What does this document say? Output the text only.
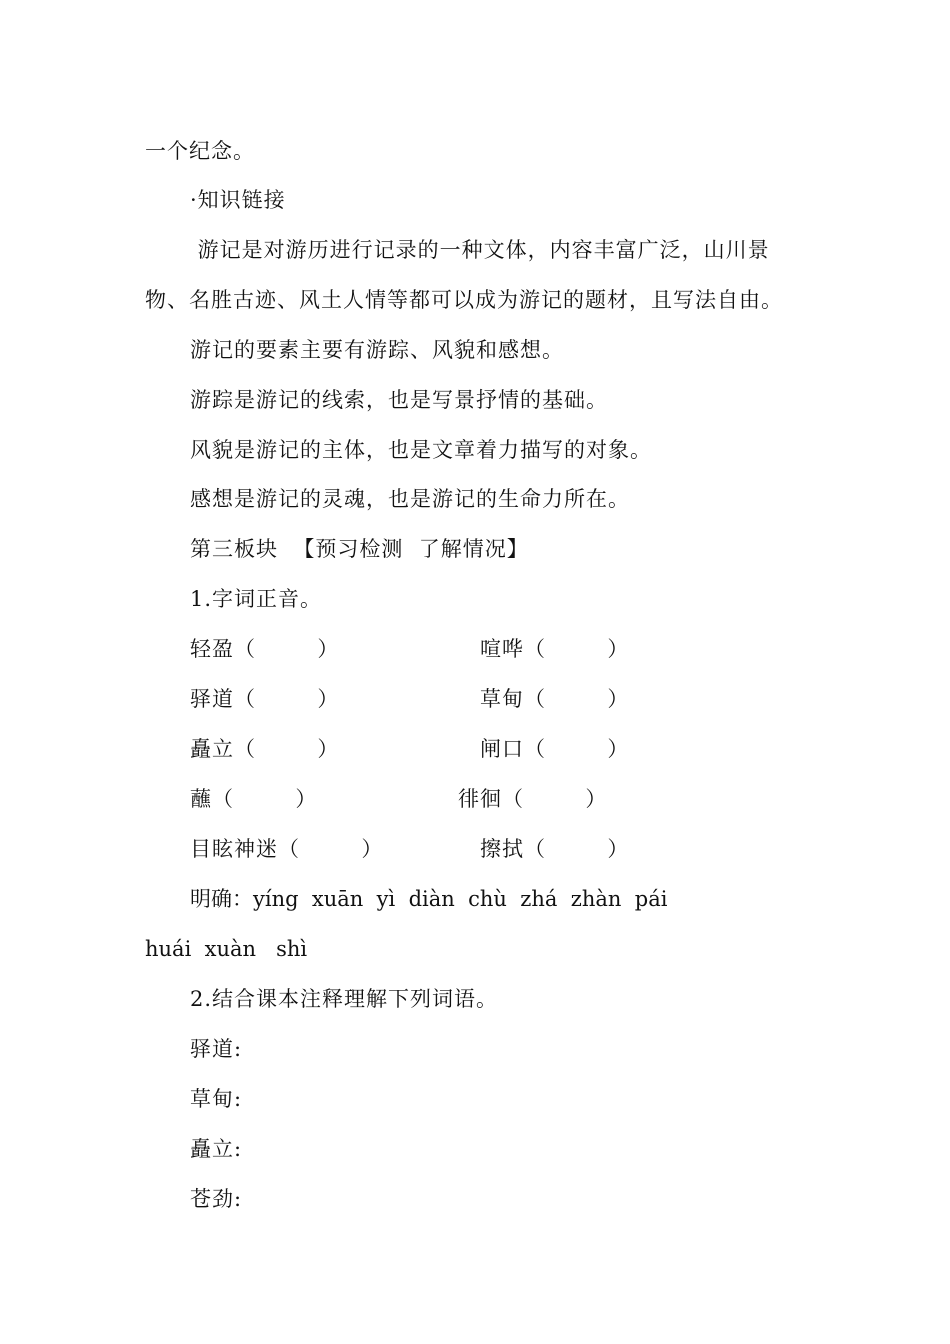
一个纪念。
·知识链接
游记是对游历进行记录的一种文体，内容丰富广泛，山川景
物、名胜古迹、风土人情等都可以成为游记的题材，且写法自由。
游记的要素主要有游踪、风貌和感想。
游踪是游记的线索，也是写景抒情的基础。
风貌是游记的主体，也是文章着力描写的对象。
感想是游记的灵魂，也是游记的生命力所在。
第三板块  【预习检测  了解情况】
1.字词正音。
轻盈（        ）	喧哗（        ）
驿道（        ）	草甸（        ）
矗立（        ）	闸口（        ）
蘸（        ）	徘徊（        ）
目眩神迷（        ）	擦拭（        ）
明确：yíng  xuān  yì  diàn  chù  zhá  zhàn  pái
huái  xuàn   shì
2.结合课本注释理解下列词语。
驿道:
草甸:
矗立:
苍劲:
